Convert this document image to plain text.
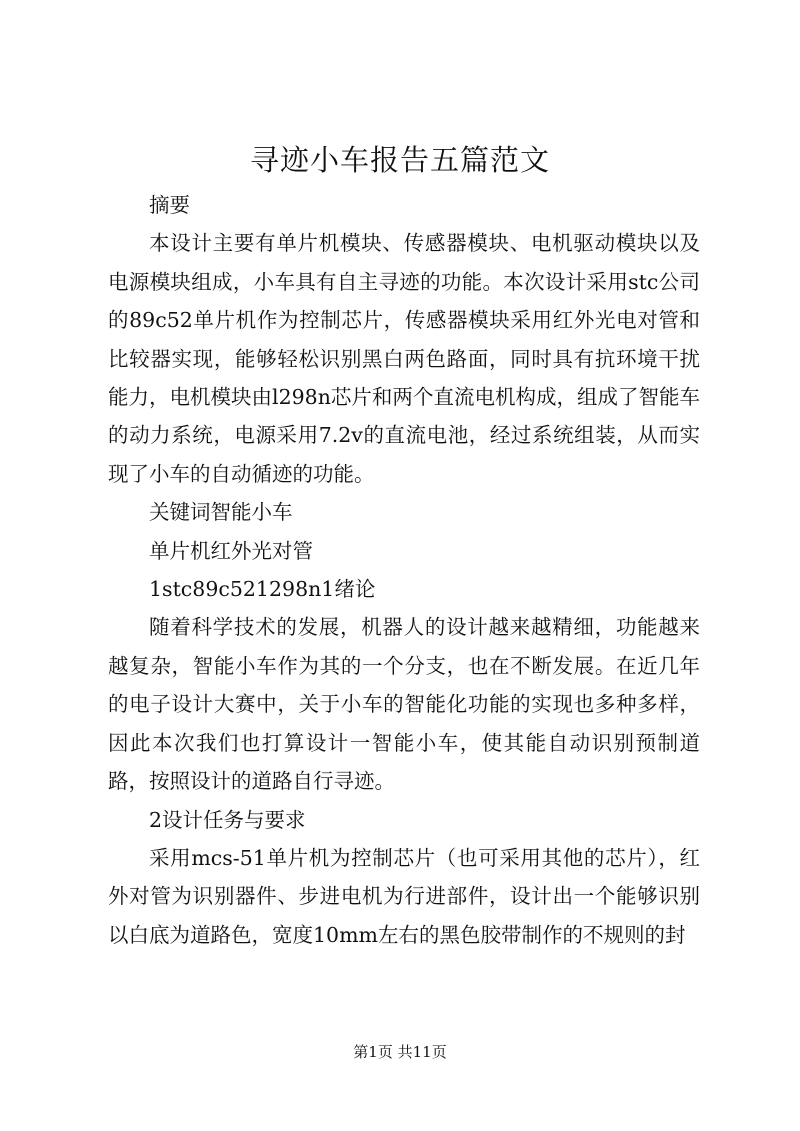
寻迹小车报告五篇范文

摘要

本设计主要有单片机模块、传感器模块、电机驱动模块以及电源模块组成，小车具有自主寻迹的功能。本次设计采用stc公司的89c52单片机作为控制芯片，传感器模块采用红外光电对管和比较器实现，能够轻松识别黑白两色路面，同时具有抗环境干扰能力，电机模块由l298n芯片和两个直流电机构成，组成了智能车的动力系统，电源采用7.2v的直流电池，经过系统组装，从而实现了小车的自动循迹的功能。

关键词智能小车

单片机红外光对管

1stc89c521298n1绪论

随着科学技术的发展，机器人的设计越来越精细，功能越来越复杂，智能小车作为其的一个分支，也在不断发展。在近几年的电子设计大赛中，关于小车的智能化功能的实现也多种多样，因此本次我们也打算设计一智能小车，使其能自动识别预制道路，按照设计的道路自行寻迹。

2设计任务与要求

采用mcs-51单片机为控制芯片（也可采用其他的芯片），红外对管为识别器件、步进电机为行进部件，设计出一个能够识别以白底为道路色，宽度10mm左右的黑色胶带制作的不规则的封

第1页 共11页
